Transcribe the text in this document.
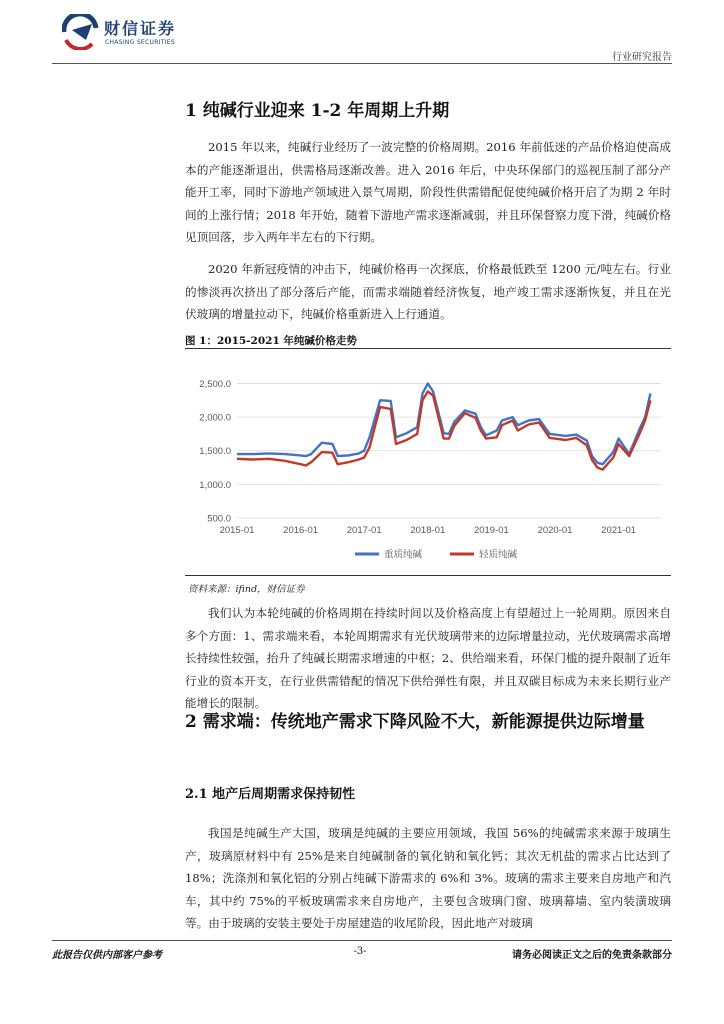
财信证券
CHASING SECURITIES
行业研究报告
1 纯碱行业迎来 1-2 年周期上升期

2015 年以来，纯碱行业经历了一波完整的价格周期。2016 年前低迷的产品价格迫使高成本的产能逐渐退出，供需格局逐渐改善。进入 2016 年后，中央环保部门的巡视压制了部分产能开工率，同时下游地产领域进入景气周期，阶段性供需错配促使纯碱价格开启了为期 2 年时间的上涨行情；2018 年开始，随着下游地产需求逐渐减弱，并且环保督察力度下滑，纯碱价格见顶回落，步入两年半左右的下行期。

2020 年新冠疫情的冲击下，纯碱价格再一次探底，价格最低跌至 1200 元/吨左右。行业的惨淡再次挤出了部分落后产能，而需求端随着经济恢复，地产竣工需求逐渐恢复，并且在光伏玻璃的增量拉动下，纯碱价格重新进入上行通道。

图 1：2015-2021 年纯碱价格走势
500.0
1,000.0
1,500.0
2,000.0
2,500.0
2015-01	2016-01	2017-01	2018-01	2019-01	2020-01	2021-01
重质纯碱	轻质纯碱
资料来源：ifind，财信证券

我们认为本轮纯碱的价格周期在持续时间以及价格高度上有望超过上一轮周期。原因来自多个方面：1、需求端来看，本轮周期需求有光伏玻璃带来的边际增量拉动，光伏玻璃需求高增长持续性较强，抬升了纯碱长期需求增速的中枢；2、供给端来看，环保门槛的提升限制了近年行业的资本开支，在行业供需错配的情况下供给弹性有限，并且双碳目标成为未来长期行业产能增长的限制。

2 需求端：传统地产需求下降风险不大，新能源提供边际增量
2.1 地产后周期需求保持韧性

我国是纯碱生产大国，玻璃是纯碱的主要应用领域，我国 56%的纯碱需求来源于玻璃生产，玻璃原材料中有 25%是来自纯碱制备的氧化钠和氧化钙；其次无机盐的需求占比达到了 18%；洗涤剂和氧化铝的分别占纯碱下游需求的 6%和 3%。玻璃的需求主要来自房地产和汽车，其中约 75%的平板玻璃需求来自房地产，主要包含玻璃门窗、玻璃幕墙、室内装潢玻璃等。由于玻璃的安装主要处于房屋建造的收尾阶段，因此地产对玻璃

此报告仅供内部客户参考	-3-	请务必阅读正文之后的免责条款部分
